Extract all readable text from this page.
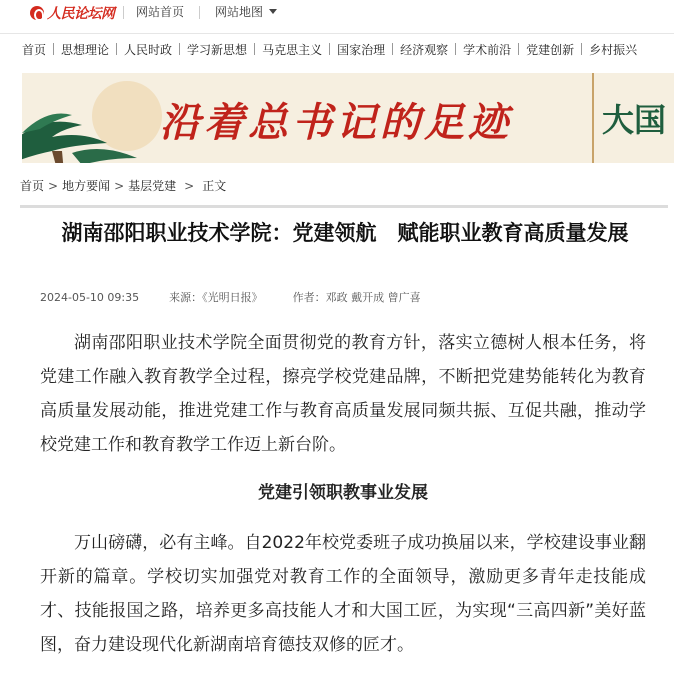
人民论坛网 网站首页	网站地图
首页 思想理论 人民时政 学习新思想 马克思主义 国家治理 经济观察 学术前沿 党建创新 乡村振兴
沿着总书记的足迹	大国
首页 > 地方要闻 > 基层党建 > 正文
湖南邵阳职业技术学院：党建领航　赋能职业教育高质量发展
2024-05-10 09:35	来源：《光明日报》	作者：邓政 戴开成 曾广喜

湖南邵阳职业技术学院全面贯彻党的教育方针，落实立德树人根本任务，将党建工作融入教育教学全过程，擦亮学校党建品牌，不断把党建势能转化为教育高质量发展动能，推进党建工作与教育高质量发展同频共振、互促共融，推动学校党建工作和教育教学工作迈上新台阶。

党建引领职教事业发展

万山磅礴，必有主峰。自2022年校党委班子成功换届以来，学校建设事业翻开新的篇章。学校切实加强党对教育工作的全面领导，激励更多青年走技能成才、技能报国之路，培养更多高技能人才和大国工匠，为实现“三高四新”美好蓝图，奋力建设现代化新湖南培育德技双修的匠才。
